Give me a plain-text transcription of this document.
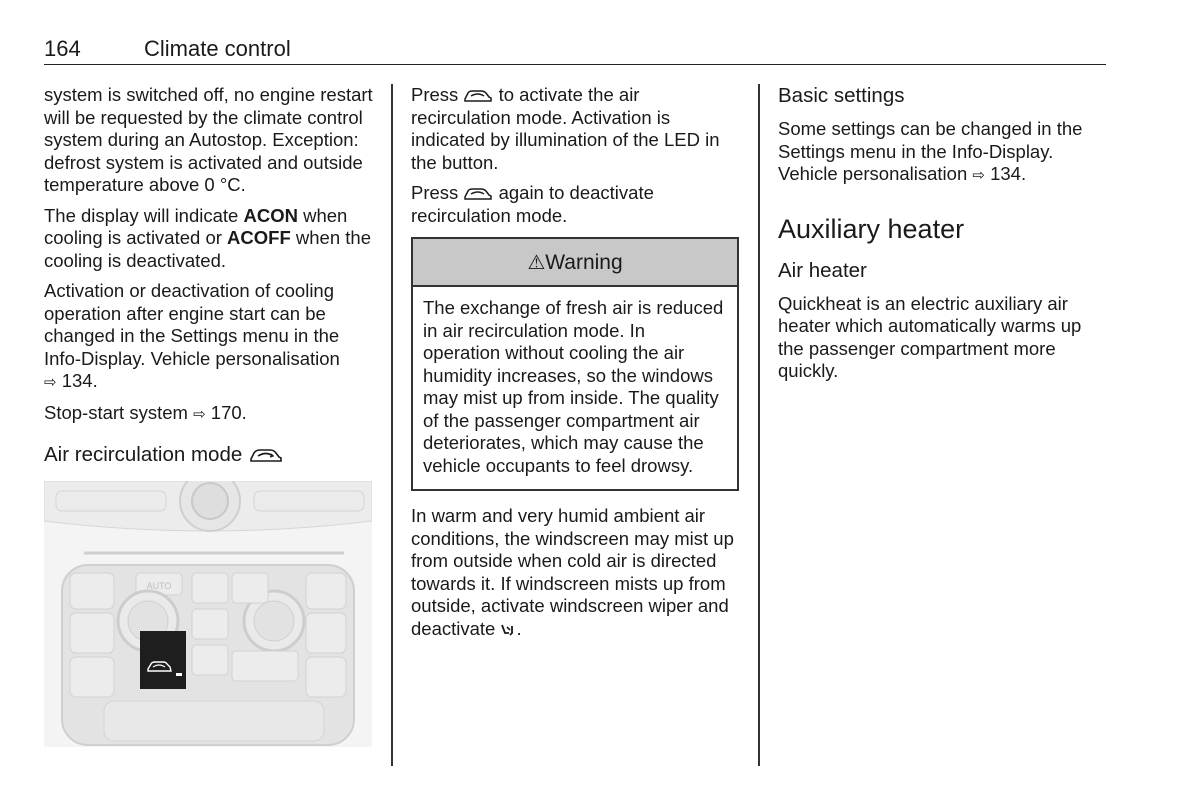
164	Climate control

system is switched off, no engine restart will be requested by the climate control system during an Autostop. Exception: defrost system is activated and outside temperature above 0 °C.

The display will indicate ACON when cooling is activated or ACOFF when the cooling is deactivated.

Activation or deactivation of cooling operation after engine start can be changed in the Settings menu in the Info-Display. Vehicle personalisation
⇨ 134.

Stop-start system ⇨ 170.

Air recirculation mode
AUTO

Press to activate the air recirculation mode. Activation is indicated by illumination of the LED in the button.

Press again to deactivate recirculation mode.

⚠Warning
The exchange of fresh air is reduced in air recirculation mode. In operation without cooling the air humidity increases, so the windows may mist up from inside. The quality of the passenger compartment air deteriorates, which may cause the vehicle occupants to feel drowsy.

In warm and very humid ambient air conditions, the windscreen may mist up from outside when cold air is directed towards it. If windscreen mists up from outside, activate windscreen wiper and deactivate .

Basic settings

Some settings can be changed in the Settings menu in the Info-Display. Vehicle personalisation ⇨ 134.

Auxiliary heater
Air heater

Quickheat is an electric auxiliary air heater which automatically warms up the passenger compartment more quickly.
